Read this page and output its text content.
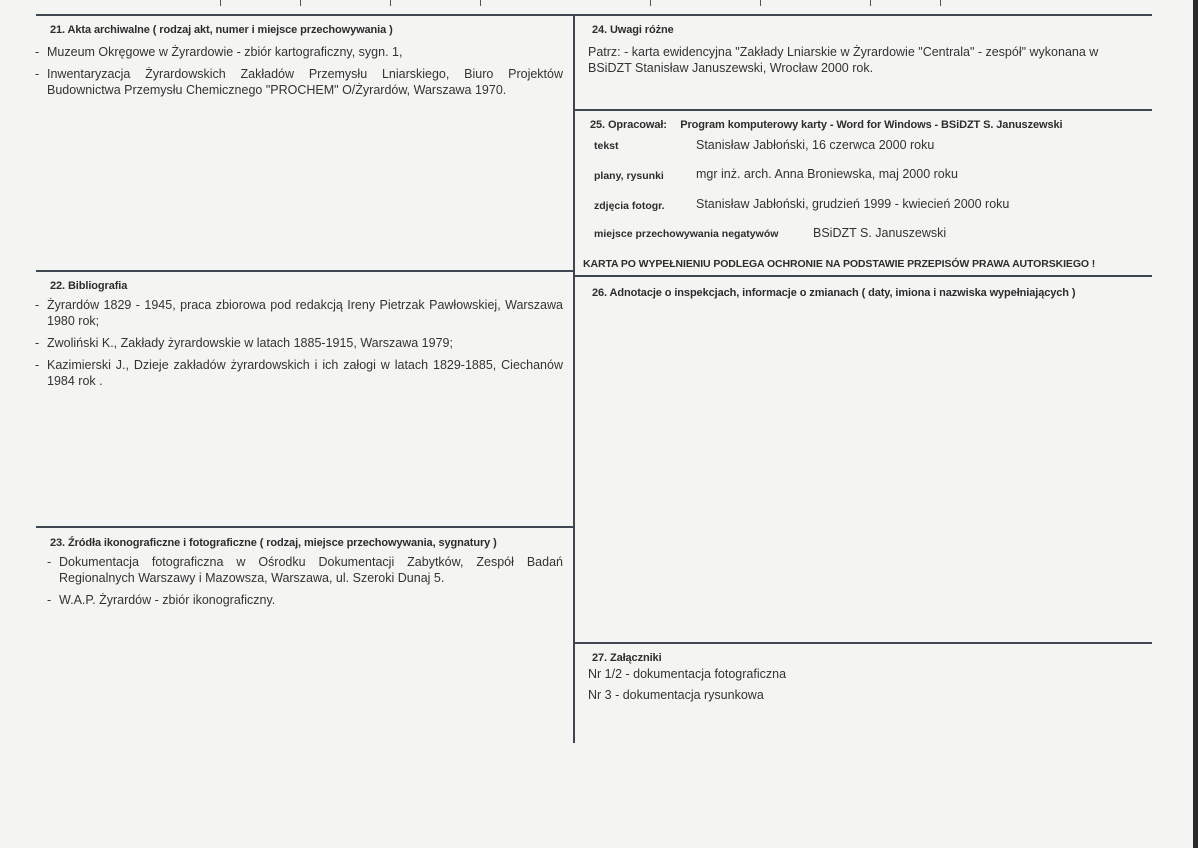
21. Akta archiwalne ( rodzaj akt, numer i miejsce przechowywania )
- Muzeum Okręgowe w Żyrardowie - zbiór kartograficzny, sygn. 1,
- Inwentaryzacja Żyrardowskich Zakładów Przemysłu Lniarskiego, Biuro Projektów Budownictwa Przemysłu Chemicznego "PROCHEM" O/Żyrardów, Warszawa 1970.
24. Uwagi różne
Patrz: - karta ewidencyjna "Zakłady Lniarskie w Żyrardowie "Centrala" - zespół" wykonana w BSiDZT Stanisław Januszewski, Wrocław 2000 rok.
25. Opracował: Program komputerowy karty - Word for Windows - BSiDZT S. Januszewski
tekst	Stanisław Jabłoński, 16 czerwca 2000 roku
plany, rysunki	mgr inż. arch. Anna Broniewska, maj 2000 roku
zdjęcia fotogr.	Stanisław Jabłoński, grudzień 1999 - kwiecień 2000 roku
miejsce przechowywania negatywów	BSiDZT S. Januszewski
KARTA PO WYPEŁNIENIU PODLEGA OCHRONIE NA PODSTAWIE PRZEPISÓW PRAWA AUTORSKIEGO !
22. Bibliografia
- Żyrardów 1829 - 1945, praca zbiorowa pod redakcją Ireny Pietrzak Pawłowskiej, Warszawa 1980 rok;
- Zwoliński K., Zakłady żyrardowskie w latach 1885-1915, Warszawa 1979;
- Kazimierski J., Dzieje zakładów żyrardowskich i ich załogi w latach 1829-1885, Ciechanów 1984 rok .
26. Adnotacje o inspekcjach, informacje o zmianach ( daty, imiona i nazwiska wypełniających )
23. Źródła ikonograficzne i fotograficzne ( rodzaj, miejsce przechowywania, sygnatury )
- Dokumentacja fotograficzna w Ośrodku Dokumentacji Zabytków, Zespół Badań Regionalnych Warszawy i Mazowsza, Warszawa, ul. Szeroki Dunaj 5.
- W.A.P. Żyrardów - zbiór ikonograficzny.
27. Załączniki
Nr 1/2 - dokumentacja fotograficzna
Nr 3 - dokumentacja rysunkowa
